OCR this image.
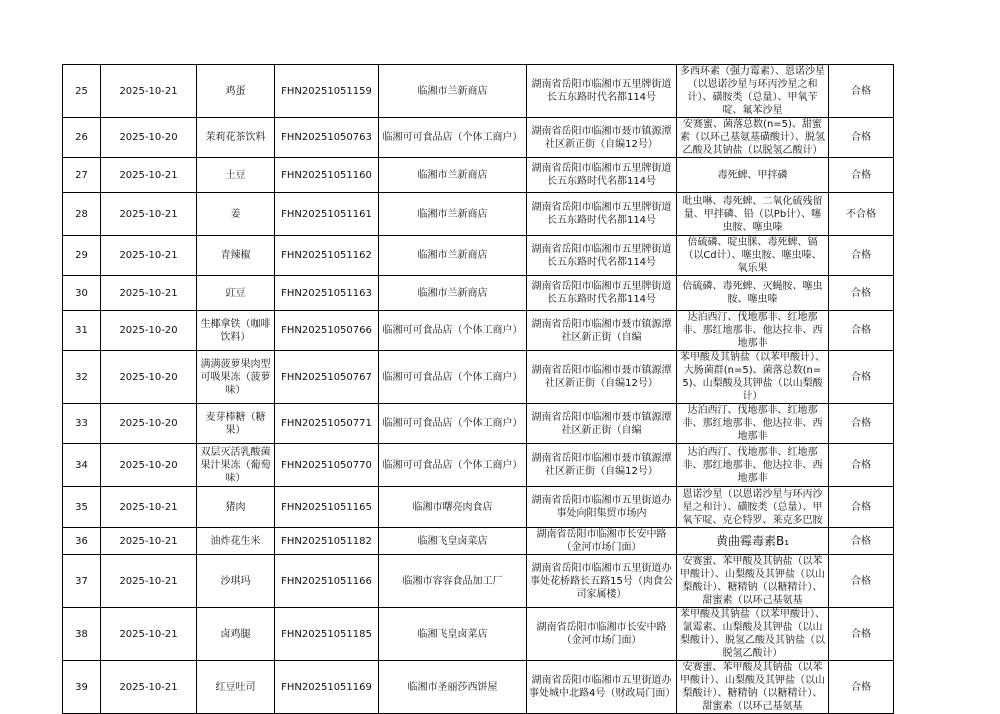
25	2025-10-21	鸡蛋	FHN20251051159	临湘市兰新商店	湖南省岳阳市临湘市五里牌街道长五东路时代名都114号	多西环素（强力霉素）、恩诺沙星（以恩诺沙星与环丙沙星之和计）、磺胺类（总量）、甲氧苄啶、氟苯沙星	合格
26	2025-10-20	茉莉花茶饮料	FHN20251050763	临湘可可食品店（个体工商户）	湖南省岳阳市临湘市聂市镇源潭社区新正街（自编12号）	安赛蜜、菌落总数(n=5)、甜蜜素（以环己基氨基磺酸计）、脱氢乙酸及其钠盐（以脱氢乙酸计）	合格
27	2025-10-21	土豆	FHN20251051160	临湘市兰新商店	湖南省岳阳市临湘市五里牌街道长五东路时代名都114号	毒死蜱、甲拌磷	合格
28	2025-10-21	姜	FHN20251051161	临湘市兰新商店	湖南省岳阳市临湘市五里牌街道长五东路时代名都114号	吡虫啉、毒死蜱、二氧化硫残留量、甲拌磷、铅（以Pb计）、噻虫胺、噻虫嗪	不合格
29	2025-10-21	青辣椒	FHN20251051162	临湘市兰新商店	湖南省岳阳市临湘市五里牌街道长五东路时代名都114号	倍硫磷、啶虫脒、毒死蜱、镉（以Cd计）、噻虫胺、噻虫嗪、氧乐果	合格
30	2025-10-21	豇豆	FHN20251051163	临湘市兰新商店	湖南省岳阳市临湘市五里牌街道长五东路时代名都114号	倍硫磷、毒死蜱、灭蝇胺、噻虫胺、噻虫嗪	合格
31	2025-10-20	生椰拿铁（咖啡饮料）	FHN20251050766	临湘可可食品店（个体工商户）	湖南省岳阳市临湘市聂市镇源潭社区新正街（自编	达泊西汀、伐地那非、红地那非、那红地那非、他达拉非、西地那非	合格
32	2025-10-20	满满菠萝果肉型可吸果冻（菠萝味）	FHN20251050767	临湘可可食品店（个体工商户）	湖南省岳阳市临湘市聂市镇源潭社区新正街（自编12号）	苯甲酸及其钠盐（以苯甲酸计）、大肠菌群(n=5)、菌落总数(n=5)、山梨酸及其钾盐（以山梨酸计）	合格
33	2025-10-20	麦芽棒糖（糖果）	FHN20251050771	临湘可可食品店（个体工商户）	湖南省岳阳市临湘市聂市镇源潭社区新正街（自编	达泊西汀、伐地那非、红地那非、那红地那非、他达拉非、西地那非	合格
34	2025-10-20	双层灭活乳酸菌果汁果冻（葡萄味）	FHN20251050770	临湘可可食品店（个体工商户）	湖南省岳阳市临湘市聂市镇源潭社区新正街（自编12号）	达泊西汀、伐地那非、红地那非、那红地那非、他达拉非、西地那非	合格
35	2025-10-21	猪肉	FHN20251051165	临湘市曙亮肉食店	湖南省岳阳市临湘市五里街道办事处向阳集贸市场内	恩诺沙星（以恩诺沙星与环丙沙星之和计）、磺胺类（总量）、甲氧苄啶、克仑特罗、莱克多巴胺	合格
36	2025-10-21	油炸花生米	FHN20251051182	临湘飞皇卤菜店	湖南省岳阳市临湘市长安中路（金河市场门面）	黄曲霉毒素B₁	合格
37	2025-10-21	沙琪玛	FHN20251051166	临湘市容容食品加工厂	湖南省岳阳市临湘市五里街道办事处花桥路长五路15号（肉食公司家属楼）	安赛蜜、苯甲酸及其钠盐（以苯甲酸计）、山梨酸及其钾盐（以山梨酸计）、糖精钠（以糖精计）、甜蜜素（以环己基氨基	合格
38	2025-10-21	卤鸡腿	FHN20251051185	临湘飞皇卤菜店	湖南省岳阳市临湘市长安中路（金河市场门面）	苯甲酸及其钠盐（以苯甲酸计）、氯霉素、山梨酸及其钾盐（以山梨酸计）、脱氢乙酸及其钠盐（以脱氢乙酸计）	合格
39	2025-10-21	红豆吐司	FHN20251051169	临湘市圣丽莎西饼屋	湖南省岳阳市临湘市五里街道办事处城中北路4号（财政局门面）	安赛蜜、苯甲酸及其钠盐（以苯甲酸计）、山梨酸及其钾盐（以山梨酸计）、糖精钠（以糖精计）、甜蜜素（以环己基氨基	合格
